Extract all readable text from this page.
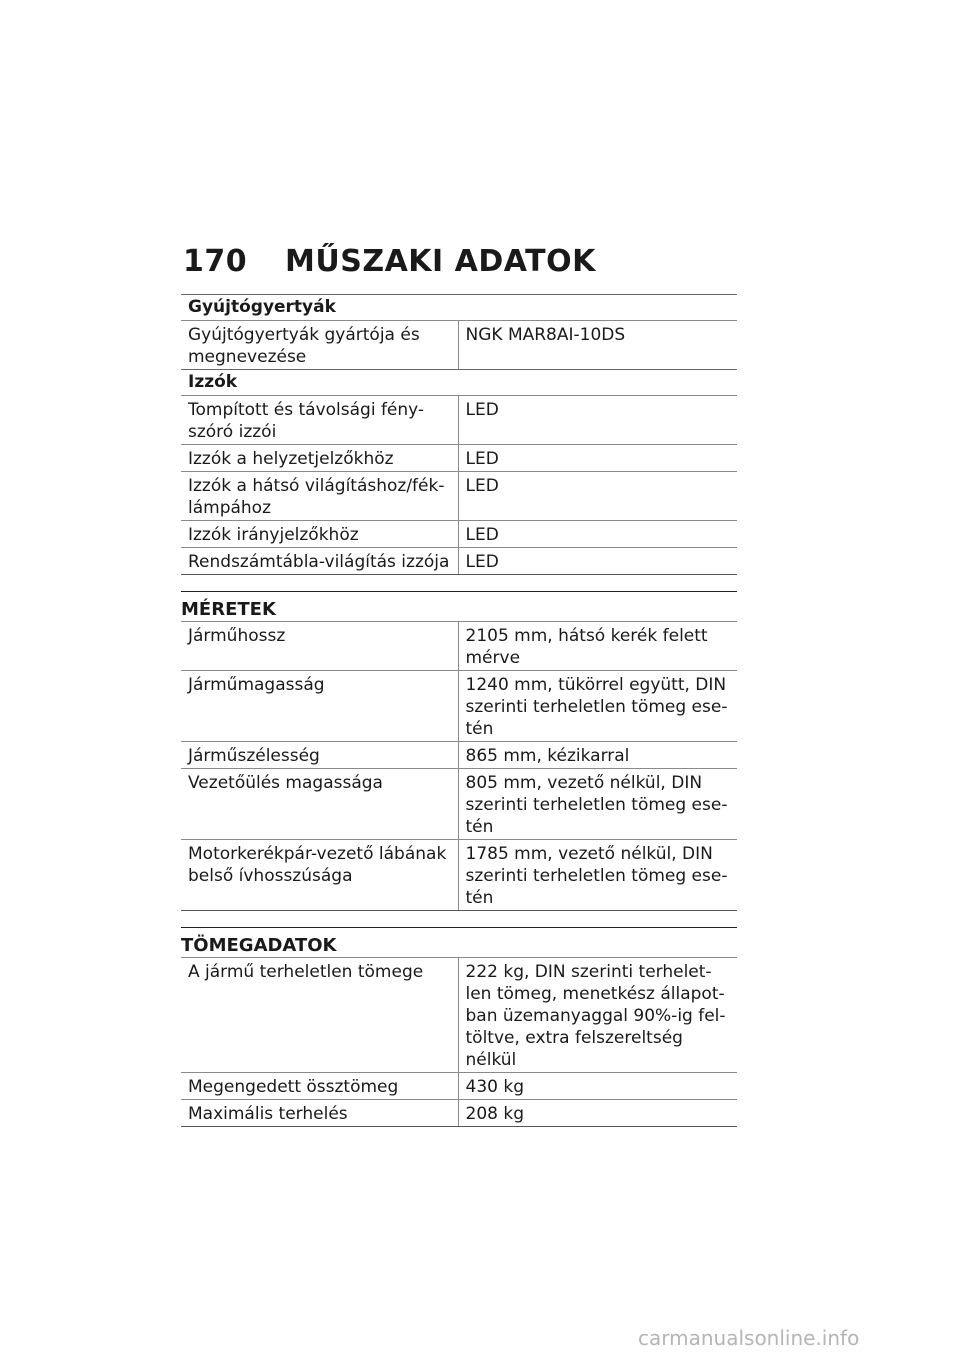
170 MŰSZAKI ADATOK
Gyújtógyertyák
Gyújtógyertyák gyártója és
megnevezése	NGK MAR8AI-10DS
Izzók
Tompított és távolsági fény-
szóró izzói	LED
Izzók a helyzetjelzőkhöz	LED
Izzók a hátsó világításhoz/fék-
lámpához	LED
Izzók irányjelzőkhöz	LED
Rendszámtábla-világítás izzója	LED
MÉRETEK
Járműhossz	2105 mm, hátsó kerék felett
mérve
Járműmagasság	1240 mm, tükörrel együtt, DIN
szerinti terheletlen tömeg ese-
tén
Járműszélesség	865 mm, kézikarral
Vezetőülés magassága	805 mm, vezető nélkül, DIN
szerinti terheletlen tömeg ese-
tén
Motorkerékpár-vezető lábának
belső ívhosszúsága	1785 mm, vezető nélkül, DIN
szerinti terheletlen tömeg ese-
tén
TÖMEGADATOK
A jármű terheletlen tömege	222 kg, DIN szerinti terhelet-
len tömeg, menetkész állapot-
ban üzemanyaggal 90%-ig fel-
töltve, extra felszereltség nélkül
Megengedett össztömeg	430 kg
Maximális terhelés	208 kg
carmanualsonline.info
